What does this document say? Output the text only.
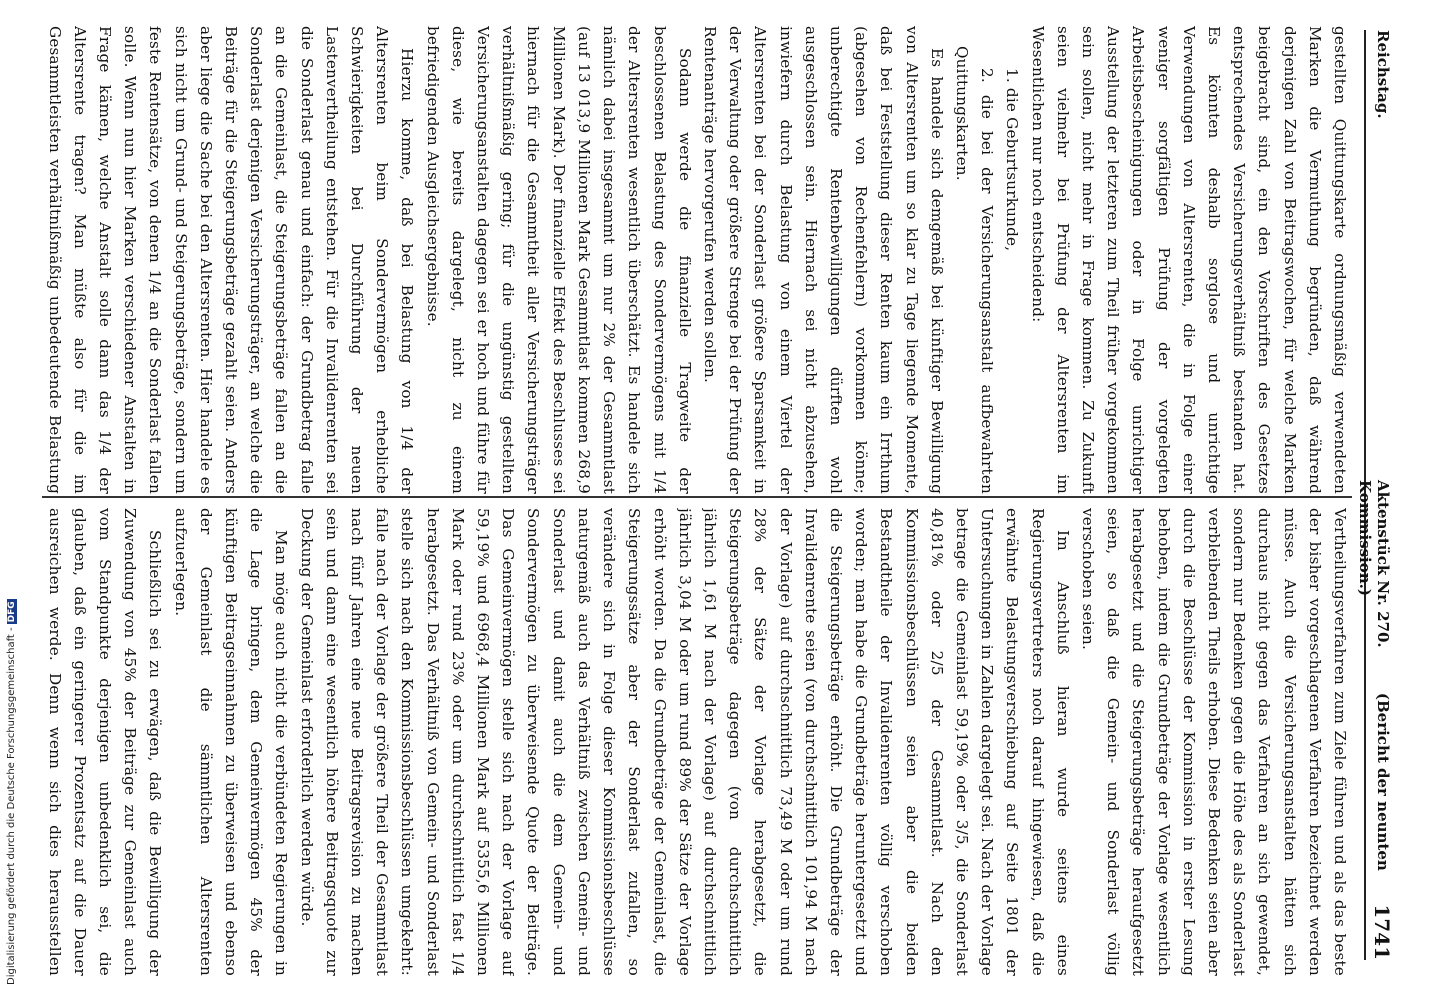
Reichstag.
Aktenstück Nr. 270. (Bericht der neunten Kommission.)
1741

gestellten Quittungskarte ordnungsmäßig verwendeten Marken die Vermuthung begründen, daß während derjenigen Zahl von Beitragswochen, für welche Marken beigebracht sind, ein den Vorschriften des Gesetzes entsprechendes Versicherungsverhältniß bestanden hat. Es könnten deshalb sorglose und unrichtige Verwendungen von Altersrenten, die in Folge einer weniger sorgfältigen Prüfung der vorgelegten Arbeitsbescheinigungen oder in Folge unrichtiger Ausstellung der letzteren zum Theil früher vorgekommen sein sollen, nicht mehr in Frage kommen. Zu Zukunft seien vielmehr bei Prüfung der Altersrenten im Wesentlichen nur noch entscheidend:

1. die Geburtsurkunde,

2. die bei der Versicherungsanstalt aufbewahrten Quittungskarten.

Es handele sich demgemäß bei künftiger Bewilligung von Altersrenten um so klar zu Tage liegende Momente, daß bei Feststellung dieser Renten kaum ein Irrthum (abgesehen von Rechenfehlern) vorkommen könne; unberechtigte Rentenbewilligungen dürften wohl ausgeschlossen sein. Hiernach sei nicht abzusehen, inwiefern durch Belastung von einem Viertel der Altersrenten bei der Sonderlast größere Sparsamkeit in der Verwaltung oder größere Strenge bei der Prüfung der Rentenanträge hervorgerufen werden sollen.

Sodann werde die finanzielle Tragweite der beschlossenen Belastung des Sondervermögens mit 1/4 der Altersrenten wesentlich überschätzt. Es handele sich nämlich dabei insgesammt um nur 2% der Gesammtlast (auf 13 013,9 Millionen Mark Gesammtlast kommen 268,9 Millionen Mark). Der finanzielle Effekt des Beschlusses sei hiernach für die Gesammtheit aller Versicherungsträger verhältnißmäßig gering; für die ungünstig gestellten Versicherungsanstalten dagegen sei er hoch und führe für diese, wie bereits dargelegt, nicht zu einem befriedigenden Ausgleichsergebnisse.

Hierzu komme, daß bei Belastung von 1/4 der Altersrenten beim Sondervermögen erhebliche Schwierigkeiten bei Durchführung der neuen Lastenvertheilung entstehen. Für die Invalidenrenten sei die Sonderlast genau und einfach: der Grundbetrag falle an die Gemeinlast, die Steigerungsbeträge fallen an die Sonderlast derjenigen Versicherungsträger, an welche die Beiträge für die Steigerungsbeträge gezahlt seien. Anders aber liege die Sache bei den Altersrenten. Hier handele es sich nicht um Grund- und Steigerungsbeträge, sondern um feste Rentensätze, von denen 1/4 an die Sonderlast fallen solle. Wenn nun hier Marken verschiedener Anstalten in Frage kämen, welche Anstalt solle dann das 1/4 der Altersrente tragen? Man müßte also für die im Gesammtleisten verhältnißmäßig unbedeutende Belastung

Vertheilungsverfahren zum Ziele führen und als das beste der bisher vorgeschlagenen Verfahren bezeichnet werden müsse. Auch die Versicherungsanstalten hätten sich durchaus nicht gegen das Verfahren an sich gewendet, sondern nur Bedenken gegen die Höhe des als Sonderlast verbleibenden Theils erhoben. Diese Bedenken seien aber durch die Beschlüsse der Kommission in erster Lesung behoben, indem die Grundbeträge der Vorlage wesentlich herabgesetzt und die Steigerungsbeträge heraufgesetzt seien, so daß die Gemein- und Sonderlast völlig verschoben seien.

Im Anschluß hieran wurde seitens eines Regierungsvertreters noch darauf hingewiesen, daß die erwähnte Belastungsverschiebung auf Seite 1801 der Untersuchungen in Zahlen dargelegt sei. Nach der Vorlage betrage die Gemeinlast 59,19% oder 3/5, die Sonderlast 40,81% oder 2/5 der Gesammtlast. Nach den Kommissionsbeschlüssen seien aber die beiden Bestandtheile der Invalidenrenten völlig verschoben worden; man habe die Grundbeträge heruntergesetzt und die Steigerungsbeträge erhöht. Die Grundbeträge der Invalidenrente seien (von durchschnittlich 101,94 M nach der Vorlage) auf durchschnittlich 73,49 M oder um rund 28% der Sätze der Vorlage herabgesetzt, die Steigerungsbeträge dagegen (von durchschnittlich jährlich 1,61 M nach der Vorlage) auf durchschnittlich jährlich 3,04 M oder um rund 89% der Sätze der Vorlage erhöht worden. Da die Grundbeträge der Gemeinlast, die Steigerungssätze aber der Sonderlast zufallen, so verändere sich in Folge dieser Kommissionsbeschlüsse naturgemäß auch das Verhältniß zwischen Gemein- und Sonderlast und damit auch die dem Gemein- und Sondervermögen zu überweisende Quote der Beiträge. Das Gemeinvermögen stelle sich nach der Vorlage auf 59,19% und 6968,4 Millionen Mark auf 5355,6 Millionen Mark oder rund 23% oder um durchschnittlich fast 1/4 herabgesetzt. Das Verhältniß von Gemein- und Sonderlast stelle sich nach den Kommissionsbeschlüssen umgekehrt: falle nach der Vorlage der größere Theil der Gesammtlast nach fünf Jahren eine neue Beitragsrevision zu machen sein und dann eine wesentlich höhere Beitragsquote zur Deckung der Gemeinlast erforderlich werden würde.

Man möge auch nicht die verbündeten Regierungen in die Lage bringen, dem Gemeinvermögen 45% der künftigen Beitragseinnahmen zu überweisen und ebenso der Gemeinlast die sämmtlichen Altersrenten aufzuerlegen.

Schließlich sei zu erwägen, daß die Bewilligung der Zuwendung von 45% der Beiträge zur Gemeinlast auch vom Standpunkte derjenigen unbedenklich sei, die glauben, daß ein geringerer Prozentsatz auf die Dauer ausreichen werde. Denn wenn sich dies herausstellen

Digitalisierung gefördert durch die Deutsche Forschungsgemeinschaft -DFG
